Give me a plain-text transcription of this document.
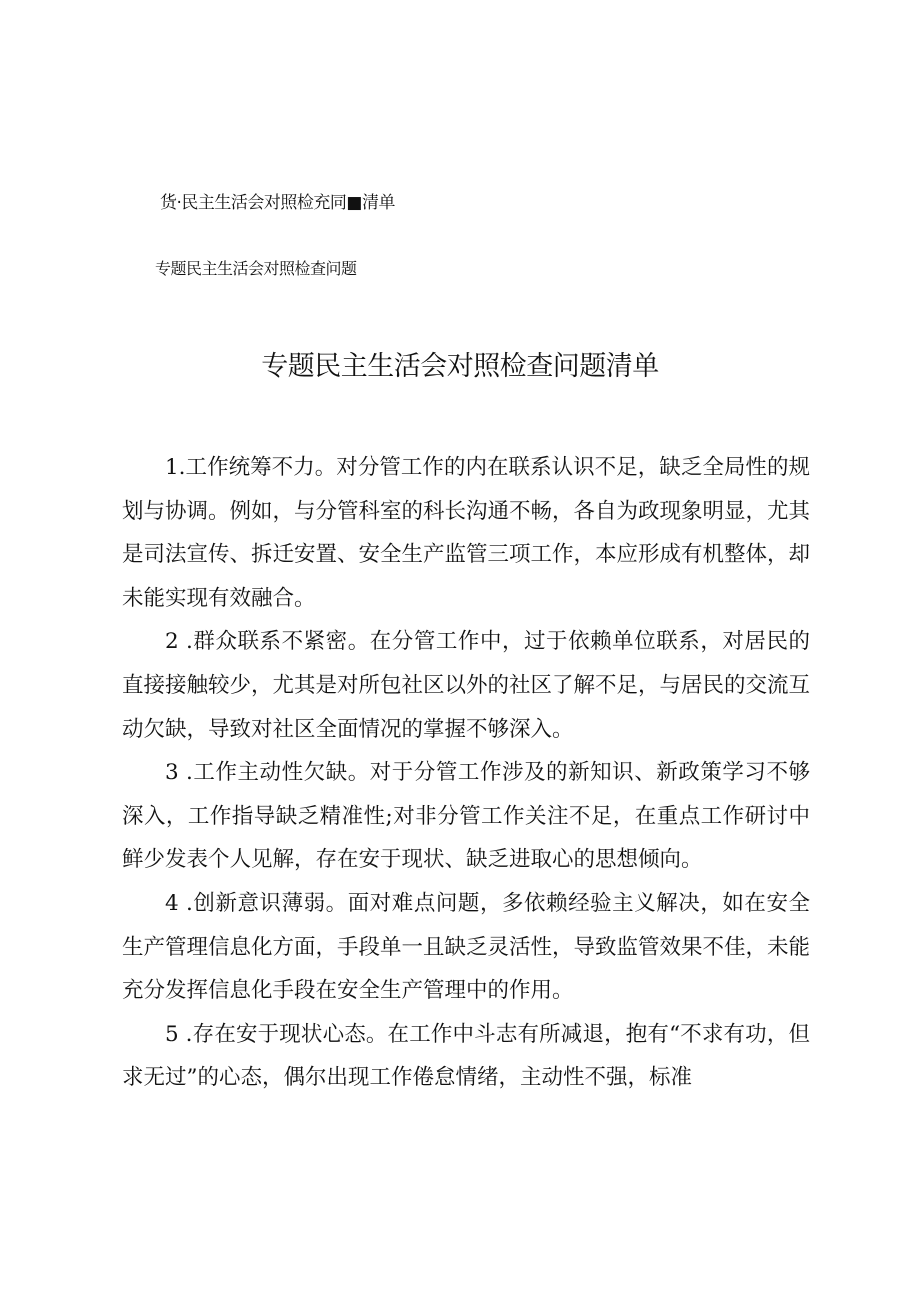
货·民主生活会对照检充同■清单
专题民主生活会对照检查问题
专题民主生活会对照检查问题清单

1.工作统筹不力。对分管工作的内在联系认识不足，缺乏全局性的规划与协调。例如，与分管科室的科长沟通不畅，各自为政现象明显，尤其是司法宣传、拆迁安置、安全生产监管三项工作，本应形成有机整体，却未能实现有效融合。

2 .群众联系不紧密。在分管工作中，过于依赖单位联系，对居民的直接接触较少，尤其是对所包社区以外的社区了解不足，与居民的交流互动欠缺，导致对社区全面情况的掌握不够深入。

3 .工作主动性欠缺。对于分管工作涉及的新知识、新政策学习不够深入，工作指导缺乏精准性;对非分管工作关注不足，在重点工作研讨中鲜少发表个人见解，存在安于现状、缺乏进取心的思想倾向。

4 .创新意识薄弱。面对难点问题，多依赖经验主义解决，如在安全生产管理信息化方面，手段单一且缺乏灵活性，导致监管效果不佳，未能充分发挥信息化手段在安全生产管理中的作用。

5 .存在安于现状心态。在工作中斗志有所减退，抱有“不求有功，但求无过”的心态，偶尔出现工作倦怠情绪，主动性不强，标准
